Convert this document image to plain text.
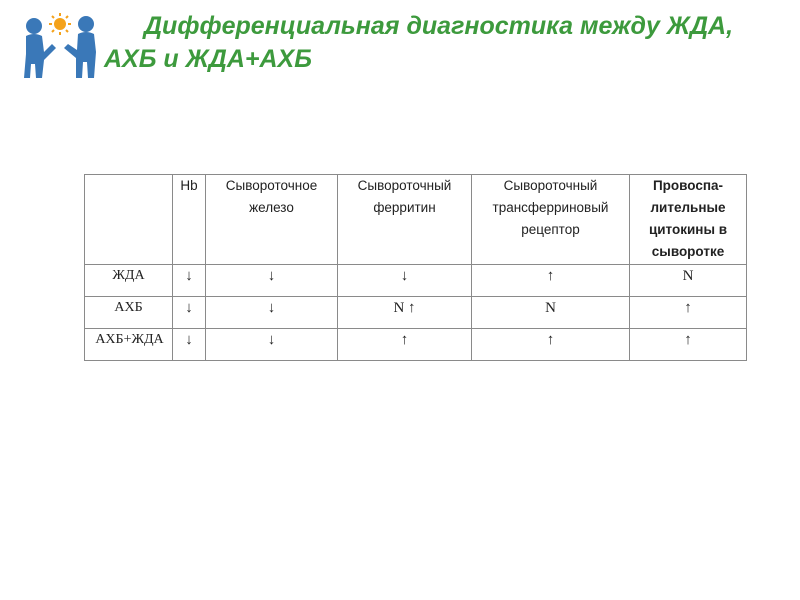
Дифференциальная диагностика между ЖДА,
АХБ и ЖДА+АХБ
	Hb	Сывороточное железо	Сывороточный ферритин	Сывороточный трансферриновый рецептор	Провоспа-лительные цитокины в сыворотке
ЖДА	↓	↓	↓	↑	N
АХБ	↓	↓	N ↑	N	↑
АХБ+ЖДА	↓	↓	↑	↑	↑
